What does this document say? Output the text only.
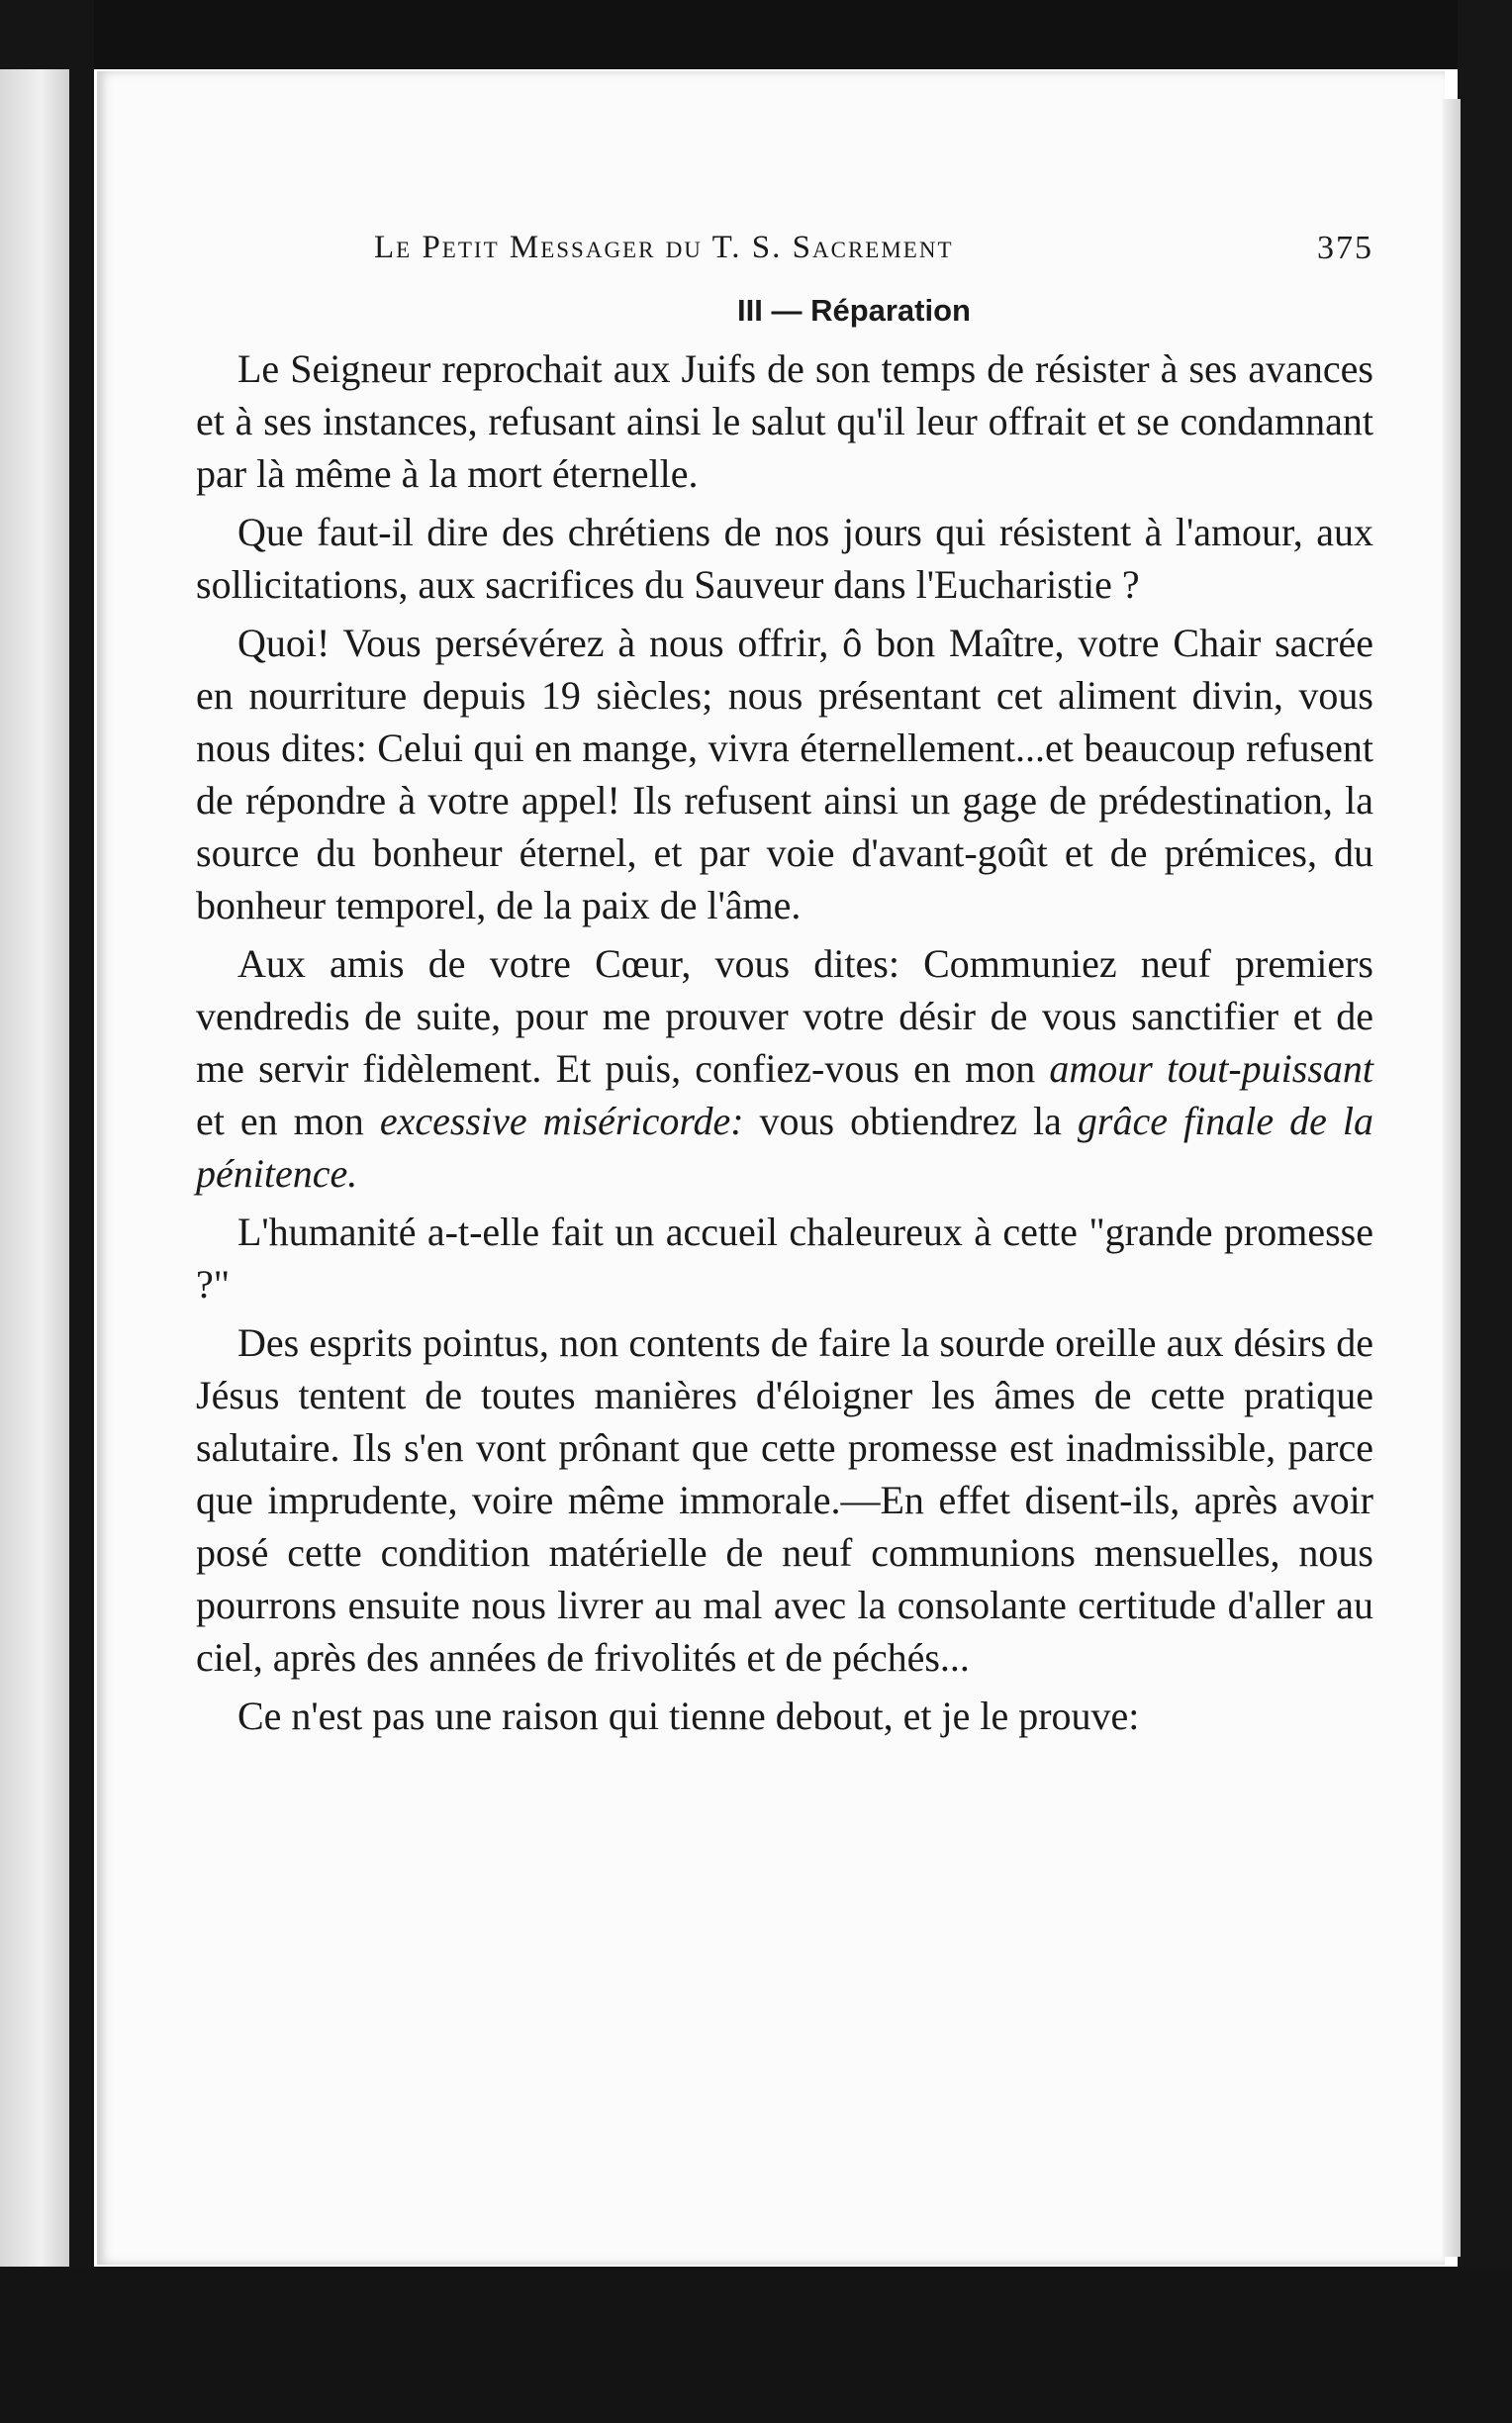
Le Petit Messager du T. S. Sacrement	375
III — Réparation

Le Seigneur reprochait aux Juifs de son temps de résister à ses avances et à ses instances, refusant ainsi le salut qu'il leur offrait et se condamnant par là même à la mort éternelle.

Que faut-il dire des chrétiens de nos jours qui résistent à l'amour, aux sollicitations, aux sacrifices du Sauveur dans l'Eucharistie ?

Quoi! Vous persévérez à nous offrir, ô bon Maître, votre Chair sacrée en nourriture depuis 19 siècles; nous présentant cet aliment divin, vous nous dites: Celui qui en mange, vivra éternellement...et beaucoup refusent de répondre à votre appel! Ils refusent ainsi un gage de prédestination, la source du bonheur éternel, et par voie d'avant-goût et de prémices, du bonheur temporel, de la paix de l'âme.

Aux amis de votre Cœur, vous dites: Communiez neuf premiers vendredis de suite, pour me prouver votre désir de vous sanctifier et de me servir fidèlement. Et puis, confiez-vous en mon amour tout-puissant et en mon excessive miséricorde: vous obtiendrez la grâce finale de la pénitence.

L'humanité a-t-elle fait un accueil chaleureux à cette "grande promesse ?"

Des esprits pointus, non contents de faire la sourde oreille aux désirs de Jésus tentent de toutes manières d'éloigner les âmes de cette pratique salutaire. Ils s'en vont prônant que cette promesse est inadmissible, parce que imprudente, voire même immorale.—En effet disent-ils, après avoir posé cette condition matérielle de neuf communions mensuelles, nous pourrons ensuite nous livrer au mal avec la consolante certitude d'aller au ciel, après des années de frivolités et de péchés...

Ce n'est pas une raison qui tienne debout, et je le prouve:
